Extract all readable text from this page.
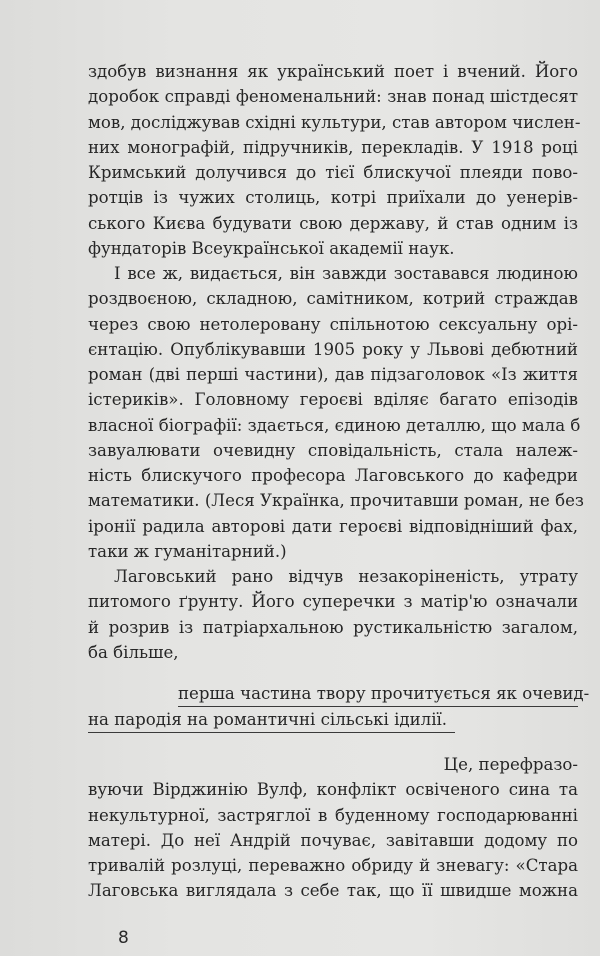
здобув визнання як український поет і вчений. Його
доробок справді феноменальний: знав понад шістдесят
мов, досліджував східні культури, став автором числен-
них монографій, підручників, перекладів. У 1918 році
Кримський долучився до тієї блискучої плеяди пово-
ротців із чужих столиць, котрі приїхали до уенерів-
ського Києва будувати свою державу, й став одним із
фундаторів Всеукраїнської академії наук.
І все ж, видається, він завжди зоставався людиною
роздвоєною, складною, самітником, котрий страждав
через свою нетолеровану спільнотою сексуальну орі-
єнтацію. Опублікувавши 1905 року у Львові дебютний
роман (дві перші частини), дав підзаголовок «Із життя
істериків». Головному героєві вділяє багато епізодів
власної біографії: здається, єдиною деталлю, що мала б
завуалювати очевидну сповідальність, стала належ-
ність блискучого професора Лаговського до кафедри
математики. (Леся Українка, прочитавши роман, не без
іронії радила авторові дати героєві відповідніший фах,
таки ж гуманітарний.)
Лаговський рано відчув незакоріненість, утрату
питомого ґрунту. Його суперечки з матір'ю означали
й розрив із патріархальною рустикальністю загалом,
ба більше,
перша частина твору прочитується як очевид-
на пародія на романтичні сільські ідилії.
Це, перефразо-
вуючи Вірджинію Вулф, конфлікт освіченого сина та
некультурної, застряглої в буденному господарюванні
матері. До неї Андрій почуває, завітавши додому по
тривалій розлуці, переважно обриду й зневагу: «Стара
Лаговська виглядала з себе так, що її швидше можна
8
